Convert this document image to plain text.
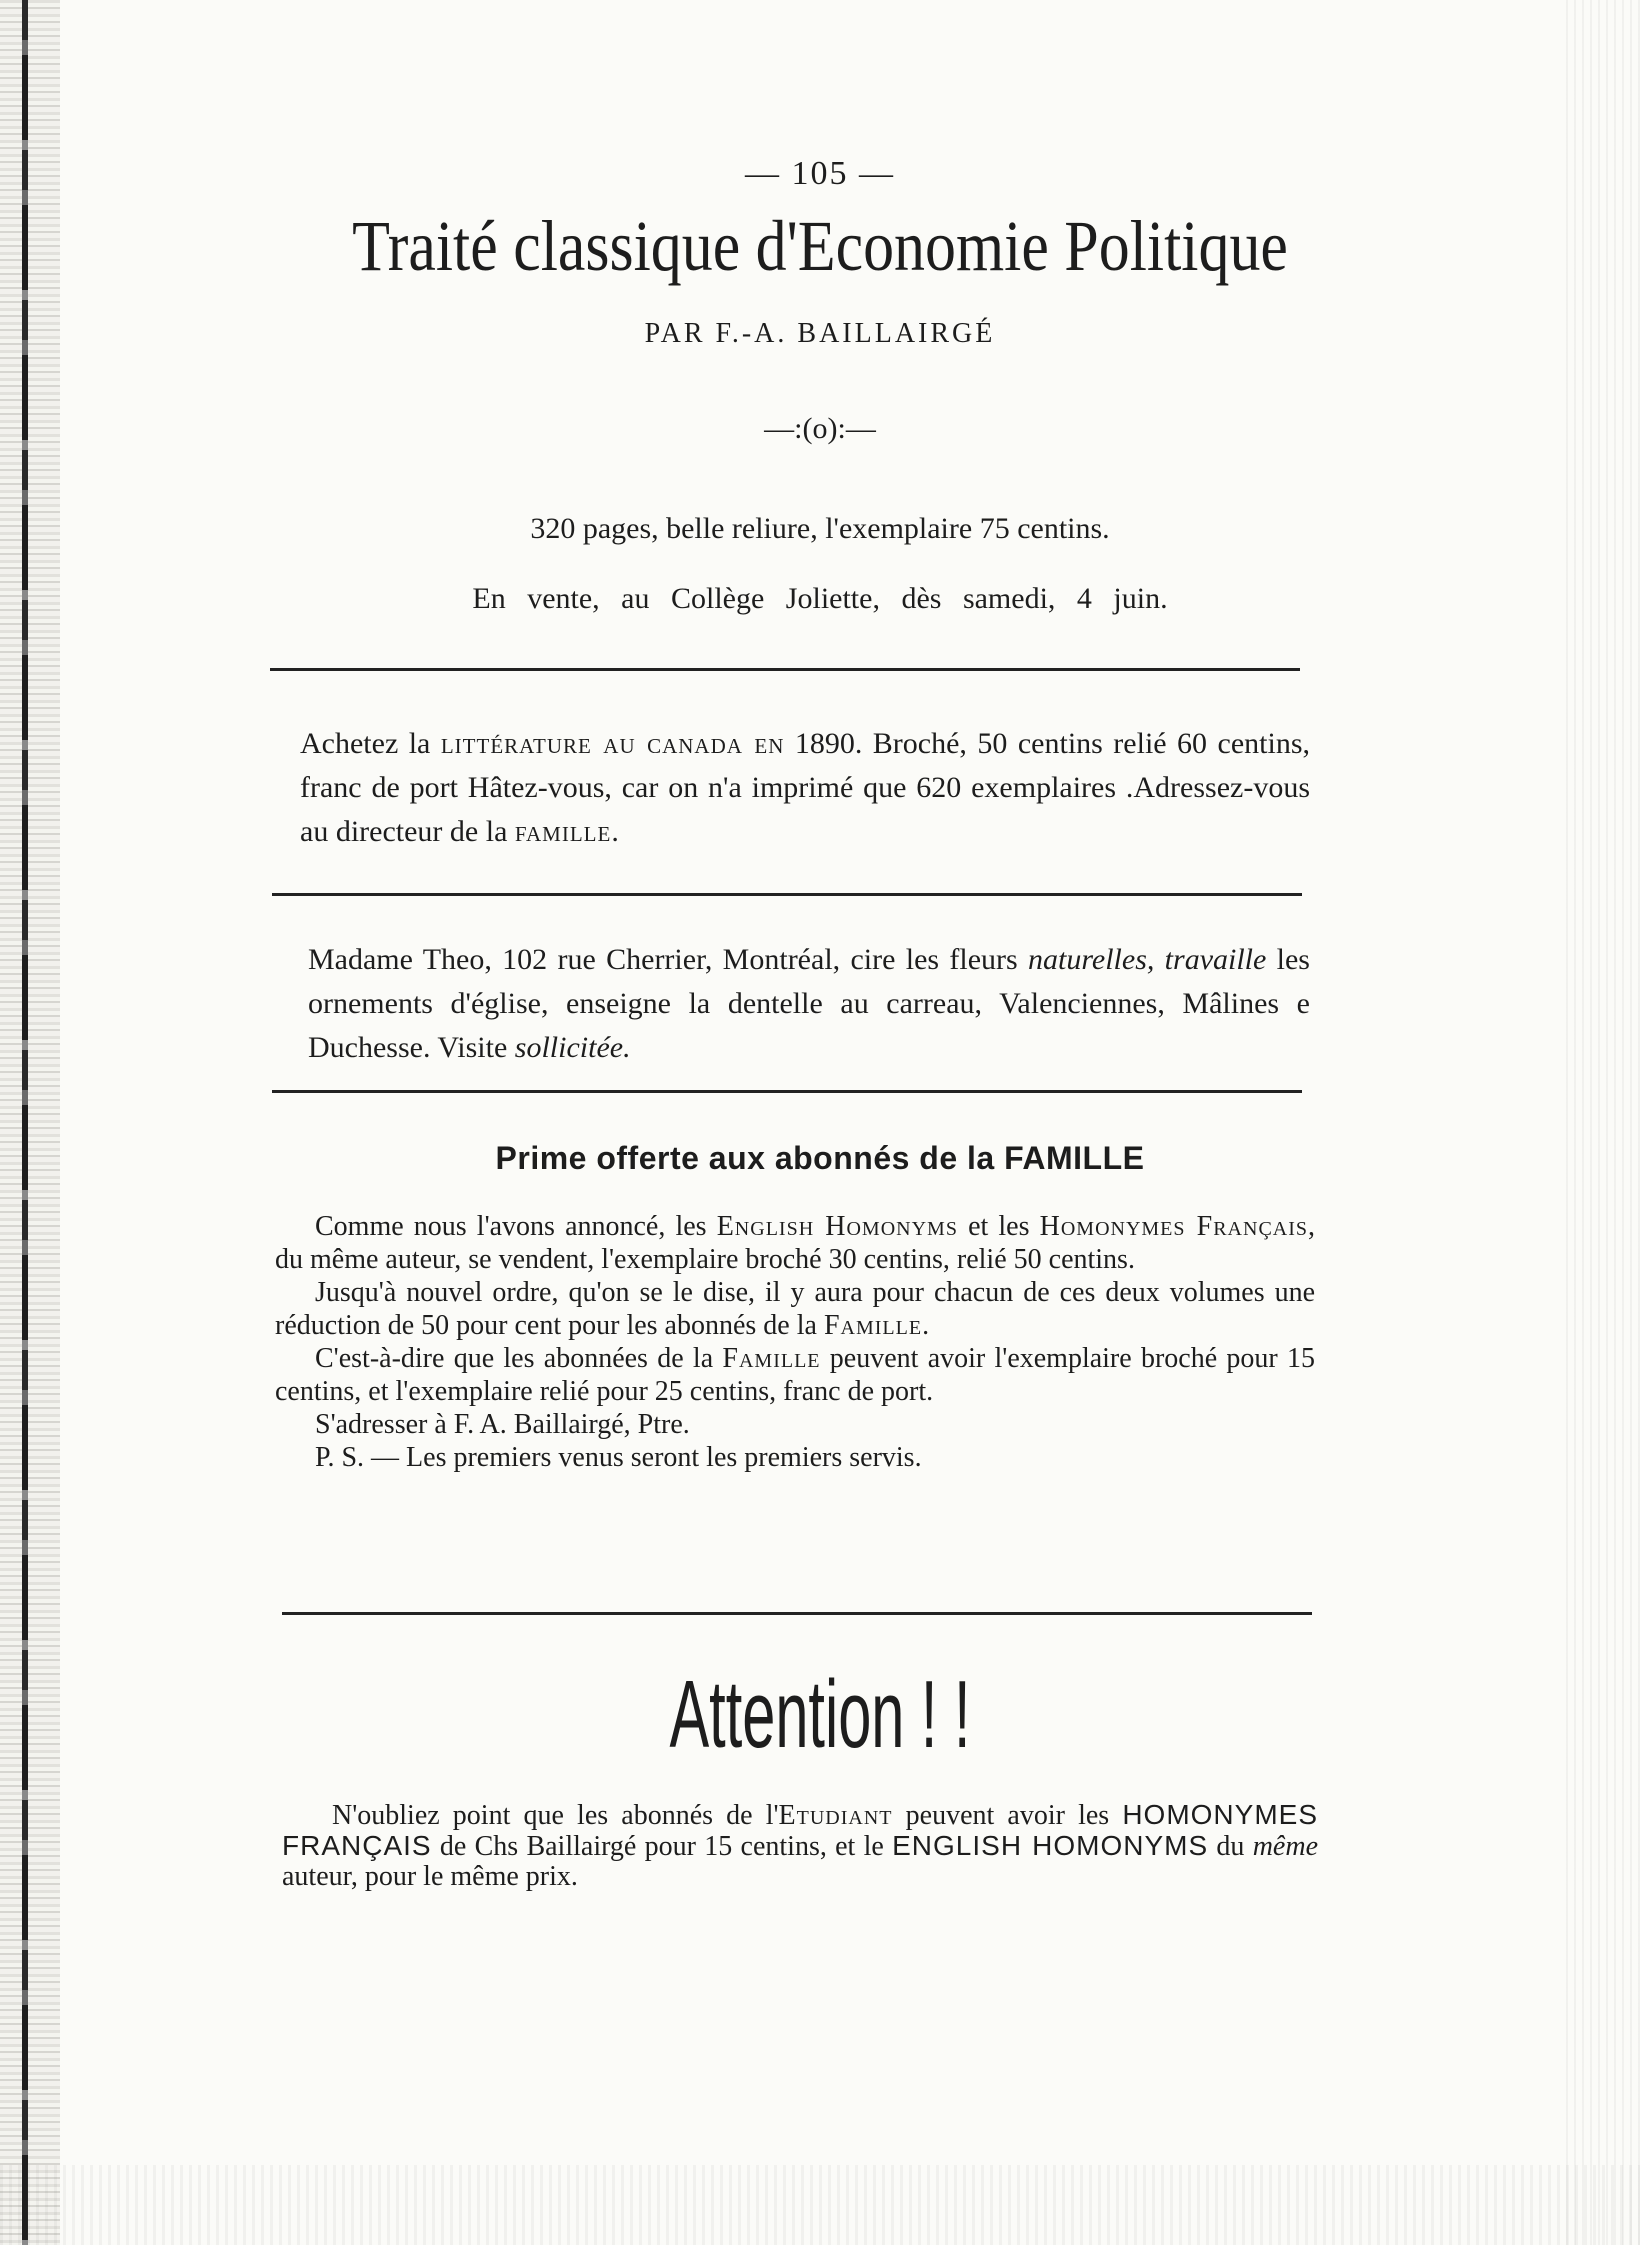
— 105 —
Traité classique d'Economie Politique
PAR F.-A. BAILLAIRGÉ
—:(o):—
320 pages, belle reliure, l'exemplaire 75 centins.
En vente, au Collège Joliette, dès samedi, 4 juin.

Achetez la littérature au canada en 1890. Broché, 50 centins relié 60 centins, franc de port Hâtez-vous, car on n'a imprimé que 620 exemplaires .Adressez-vous au directeur de la famille.

Madame Theo, 102 rue Cherrier, Montréal, cire les fleurs naturelles, travaille les ornements d'église, enseigne la dentelle au carreau, Valenciennes, Mâlines e Duchesse. Visite sollicitée.

Prime offerte aux abonnés de la FAMILLE

Comme nous l'avons annoncé, les English Homonyms et les Homonymes Français, du même auteur, se vendent, l'exemplaire broché 30 centins, relié 50 centins.

Jusqu'à nouvel ordre, qu'on se le dise, il y aura pour chacun de ces deux volumes une réduction de 50 pour cent pour les abonnés de la Famille.

C'est-à-dire que les abonnées de la Famille peuvent avoir l'exemplaire broché pour 15 centins, et l'exemplaire relié pour 25 centins, franc de port.

S'adresser à F. A. Baillairgé, Ptre.

P. S. — Les premiers venus seront les premiers servis.

Attention ! !

N'oubliez point que les abonnés de l'Etudiant peuvent avoir les HOMONYMES FRANÇAIS de Chs Baillairgé pour 15 centins, et le ENGLISH HOMONYMS du même auteur, pour le même prix.
